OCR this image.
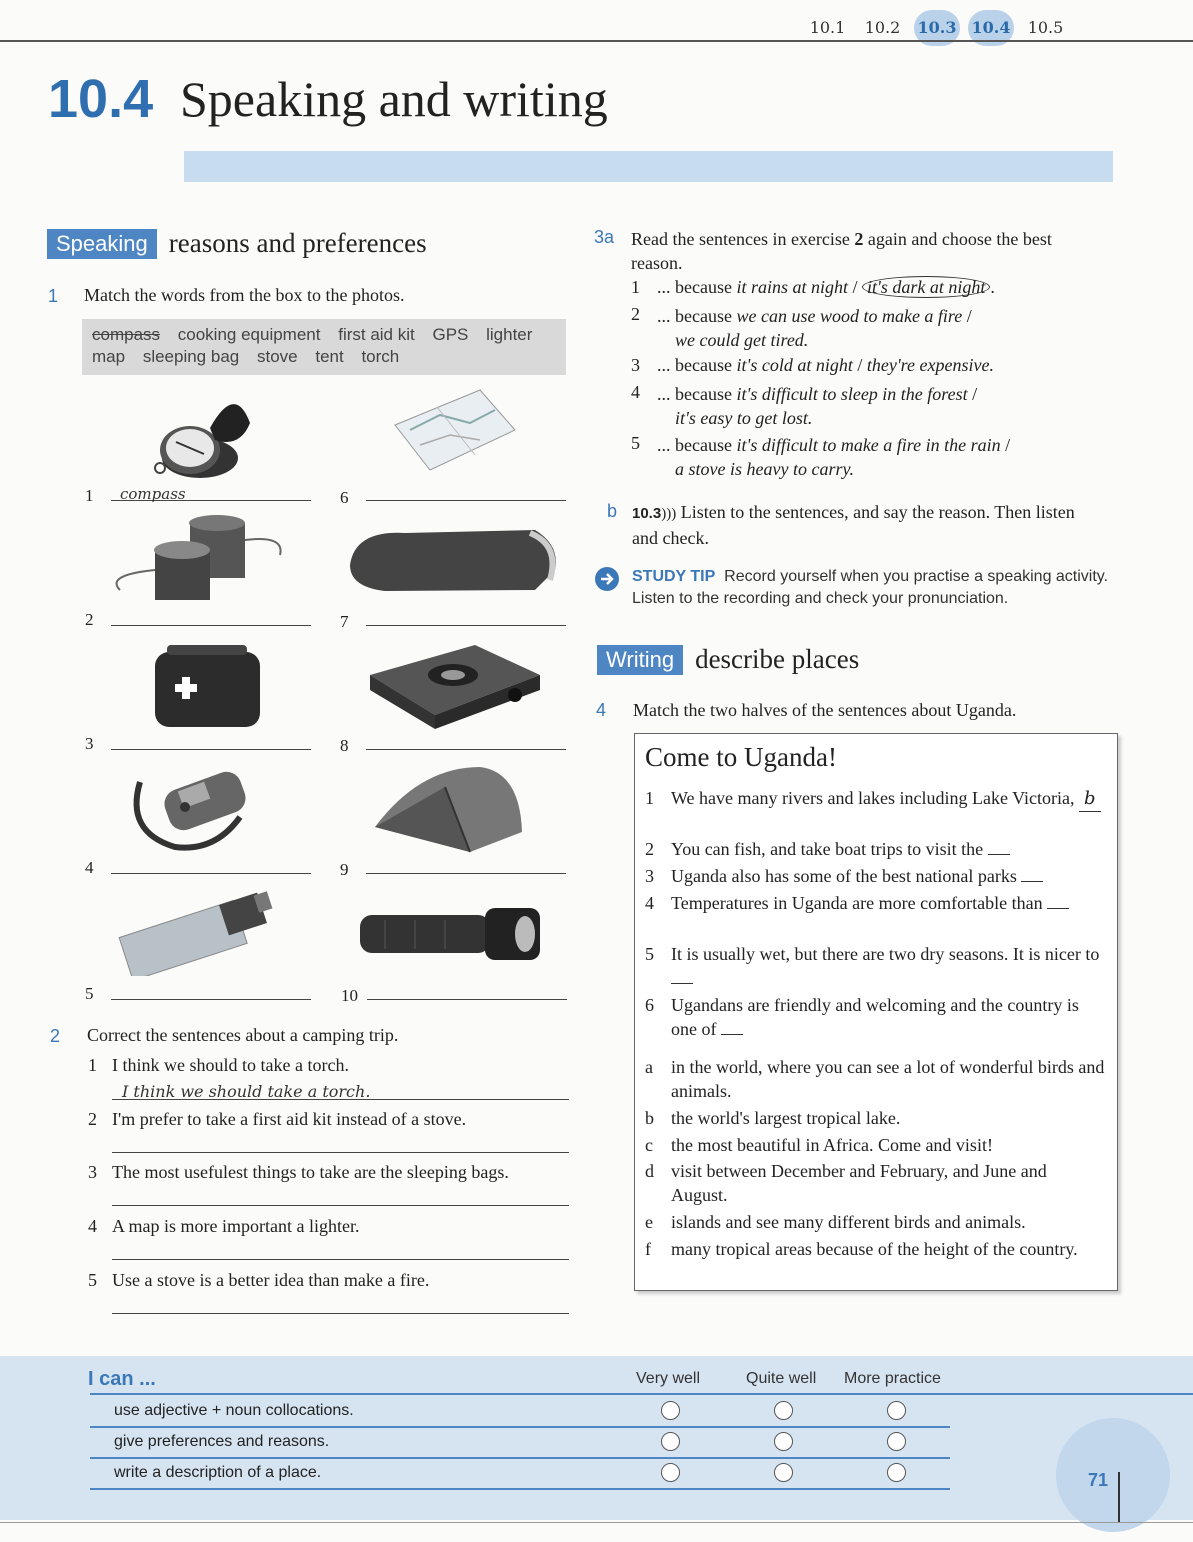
10.1	10.2	10.3 10.4	10.5
10.4 Speaking and writing
Speaking reasons and preferences
1 Match the words from the box to the photos.
compass cooking equipment first aid kit GPS lighter
map sleeping bag stove tent torch
1 compass	6
2	7
3	8
4	9
5	10
2 Correct the sentences about a camping trip.
1 I think we should to take a torch.
I think we should take a torch.
2 I'm prefer to take a first aid kit instead of a stove.
3 The most usefulest things to take are the sleeping bags.
4 A map is more important a lighter.
5 Use a stove is a better idea than make a fire.
3a Read the sentences in exercise 2 again and choose the best reason.
1 ... because it rains at night / it's dark at night .
2 ... because we can use wood to make a fire /
we could get tired.
3 ... because it's cold at night / they're expensive.
4 ... because it's difficult to sleep in the forest /
it's easy to get lost.
5 ... because it's difficult to make a fire in the rain /
a stove is heavy to carry.
b 10.3))) Listen to the sentences, and say the reason. Then listen and check.
STUDY TIP Record yourself when you practise a speaking activity. Listen to the recording and check your pronunciation.
Writing describe places
4 Match the two halves of the sentences about Uganda.
Come to Uganda!
1 We have many rivers and lakes including Lake Victoria, b
2 You can fish, and take boat trips to visit the
3 Uganda also has some of the best national parks
4 Temperatures in Uganda are more comfortable than
5 It is usually wet, but there are two dry seasons. It is nicer to
6 Ugandans are friendly and welcoming and the country is one of
a in the world, where you can see a lot of wonderful birds and animals.
b the world's largest tropical lake.
c the most beautiful in Africa. Come and visit!
d visit between December and February, and June and August.
e islands and see many different birds and animals.
f many tropical areas because of the height of the country.
I can ...	Very well	Quite well More practice
use adjective + noun collocations.
give preferences and reasons.
write a description of a place.	71
